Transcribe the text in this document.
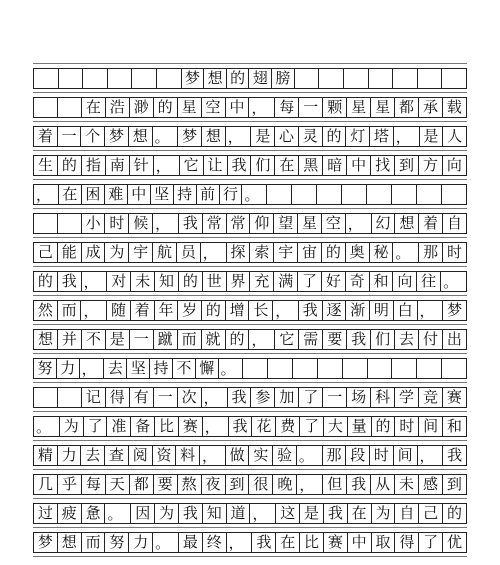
梦 想 的 翅 膀

在 浩 渺 的 星 空 中 ， 每 一 颗 星 星 都 承 载
着 一 个 梦 想 。 梦 想 ， 是 心 灵 的 灯 塔 ， 是 人
生 的 指 南 针 ， 它 让 我 们 在 黑 暗 中 找 到 方 向
， 在 困 难 中 坚 持 前 行 。

小 时 候 ， 我 常 常 仰 望 星 空 ， 幻 想 着 自
己 能 成 为 宇 航 员 ， 探 索 宇 宙 的 奥 秘 。 那 时
的 我 ， 对 未 知 的 世 界 充 满 了 好 奇 和 向 往 。
然 而 ， 随 着 年 岁 的 增 长 ， 我 逐 渐 明 白 ， 梦
想 并 不 是 一 蹴 而 就 的 ， 它 需 要 我 们 去 付 出
努 力 ， 去 坚 持 不 懈 。

记 得 有 一 次 ， 我 参 加 了 一 场 科 学 竞 赛
。 为 了 准 备 比 赛 ， 我 花 费 了 大 量 的 时 间 和
精 力 去 查 阅 资 料 ， 做 实 验 。 那 段 时 间 ， 我
几 乎 每 天 都 要 熬 夜 到 很 晚 ， 但 我 从 未 感 到
过 疲 惫 。 因 为 我 知 道 ， 这 是 我 在 为 自 己 的
梦 想 而 努 力 。 最 终 ， 我 在 比 赛 中 取 得 了 优
